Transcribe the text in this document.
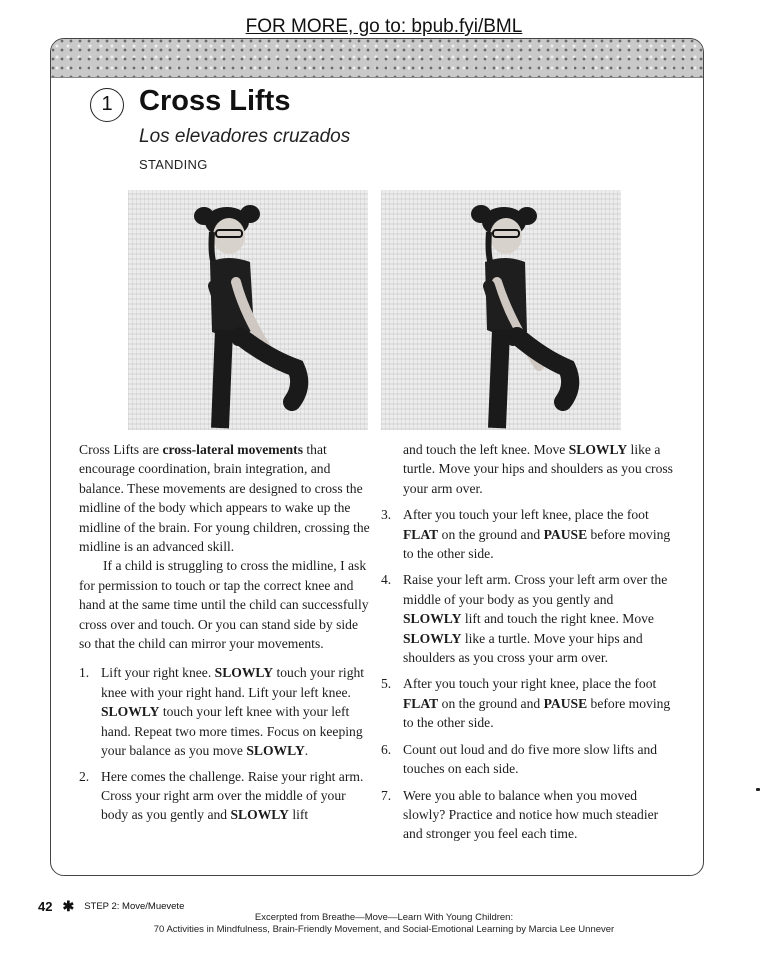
FOR MORE, go to: bpub.fyi/BML
1 Cross Lifts
Los elevadores cruzados
STANDING

Cross Lifts are cross-lateral movements that encourage coordination, brain integration, and balance. These movements are designed to cross the midline of the body which appears to wake up the midline of the brain. For young children, crossing the midline is an advanced skill.

If a child is struggling to cross the midline, I ask for permission to touch or tap the correct knee and hand at the same time until the child can successfully cross over and touch. Or you can stand side by side so that the child can mirror your movements.

1. Lift your right knee. SLOWLY touch your right knee with your right hand. Lift your left knee. SLOWLY touch your left knee with your left hand. Repeat two more times. Focus on keeping your balance as you move SLOWLY.
2. Here comes the challenge. Raise your right arm. Cross your right arm over the middle of your body as you gently and SLOWLY lift
and touch the left knee. Move SLOWLY like a turtle. Move your hips and shoulders as you cross your arm over.
3. After you touch your left knee, place the foot FLAT on the ground and PAUSE before moving to the other side.
4. Raise your left arm. Cross your left arm over the middle of your body as you gently and SLOWLY lift and touch the right knee. Move SLOWLY like a turtle. Move your hips and shoulders as you cross your arm over.
5. After you touch your right knee, place the foot FLAT on the ground and PAUSE before moving to the other side.
6. Count out loud and do five more slow lifts and touches on each side.
7. Were you able to balance when you moved slowly? Practice and notice how much steadier and stronger you feel each time.
42 ✱ STEP 2: Move/Muevete
Excerpted from Breathe—Move—Learn With Young Children:
70 Activities in Mindfulness, Brain-Friendly Movement, and Social-Emotional Learning by Marcia Lee Unnever
